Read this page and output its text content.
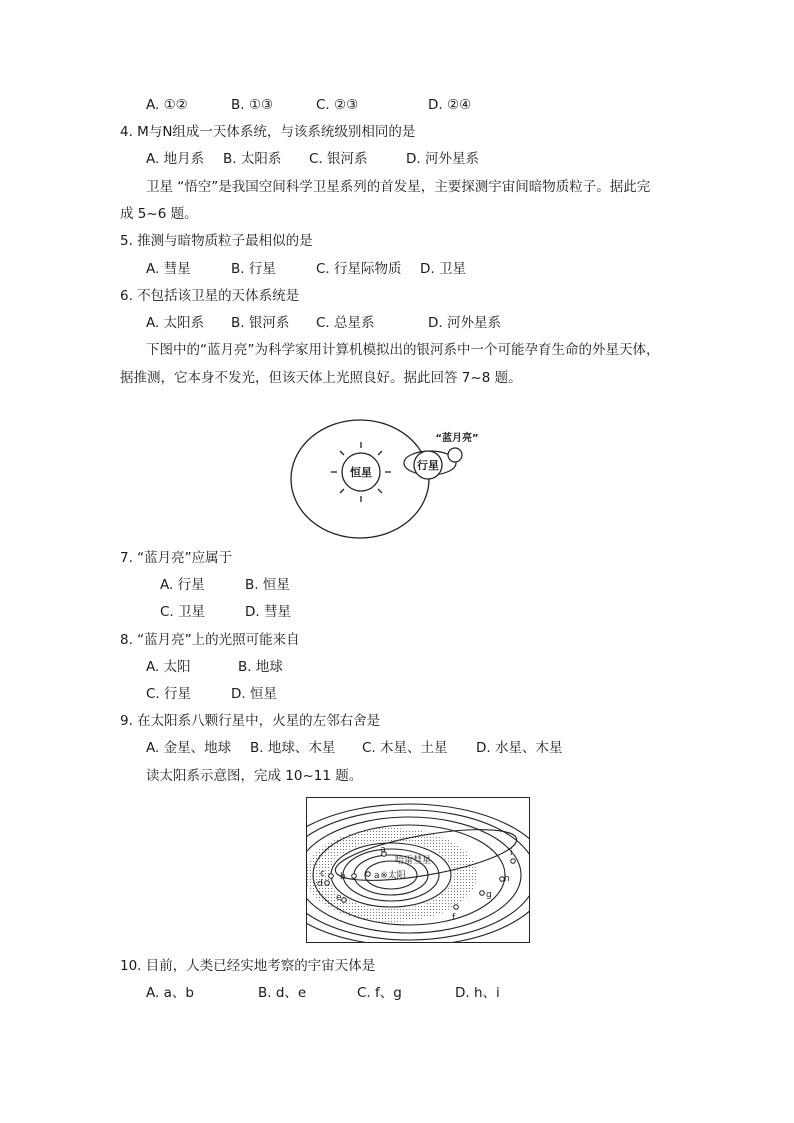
A. ①②	B. ①③	C. ②③	D. ②④
4. M与N组成一天体系统，与该系统级别相同的是
A. 地月系 B. 太阳系 C. 银河系	D. 河外星系
卫星 “悟空”是我国空间科学卫星系列的首发星，主要探测宇宙间暗物质粒子。据此完
成 5~6 题。
5. 推测与暗物质粒子最相似的是
A. 彗星	B. 行星	C. 行星际物质 D. 卫星
6. 不包括该卫星的天体系统是
A. 太阳系 B. 银河系 C. 总星系	D. 河外星系
下图中的“蓝月亮”为科学家用计算机模拟出的银河系中一个可能孕育生命的外星天体，
据推测，它本身不发光，但该天体上光照良好。据此回答 7~8 题。
恒星
行星
“蓝月亮”
7. “蓝月亮”应属于
A. 行星	B. 恒星
C. 卫星	D. 彗星
8. “蓝月亮”上的光照可能来自
A. 太阳	B. 地球
C. 行星	D. 恒星
9. 在太阳系八颗行星中，火星的左邻右舍是
A. 金星、地球 B. 地球、木星 C. 木星、土星 D. 水星、木星
读太阳系示意图，完成 10~11 题。
※太阳
哈雷彗星
a
a
b
c
d
e
f
g
h
i
10. 目前，人类已经实地考察的宇宙天体是
A. a、b	B. d、e	C. f、g	D. h、i
